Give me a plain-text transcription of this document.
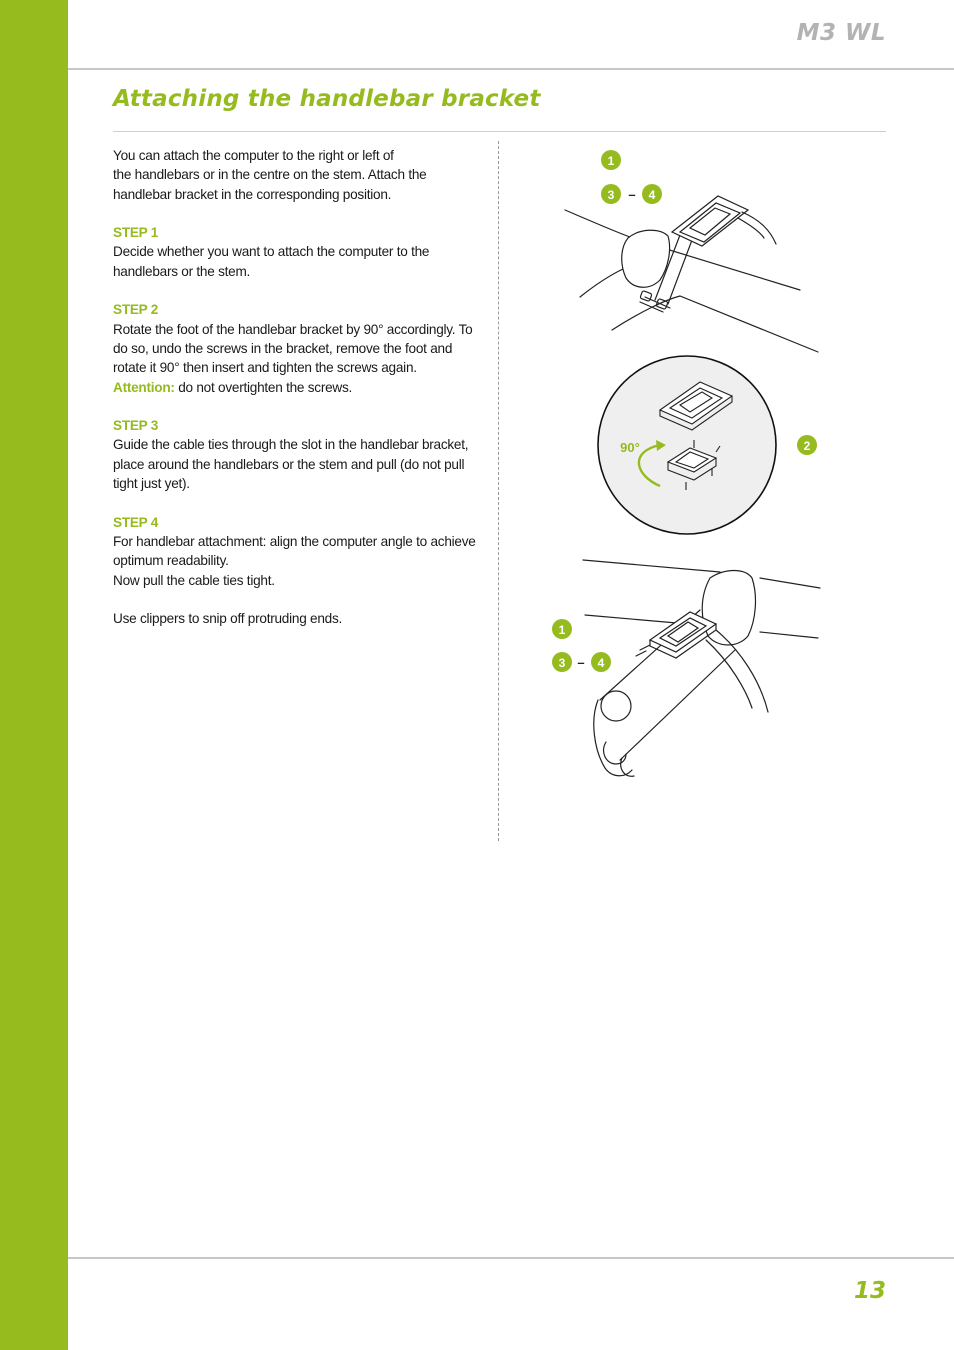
M3 WL
Attaching the handlebar bracket

You can attach the computer to the right or left of
the handlebars or in the centre on the stem. Attach the handlebar bracket in the corresponding position.

STEP 1
Decide whether you want to attach the computer to the handlebars or the stem.

STEP 2
Rotate the foot of the handlebar bracket by 90° accordingly. To do so, undo the screws in the bracket, remove the foot and rotate it 90° then insert and tighten the screws again.
Attention: do not overtighten the screws.

STEP 3
Guide the cable ties through the slot in the handlebar bracket, place around the handlebars or the stem and pull (do not pull tight just yet).

STEP 4
For handlebar attachment: align the computer angle to achieve optimum readability.
Now pull the cable ties tight.

Use clippers to snip off protruding ends.

1
3 – 4
90°	2
1
3 – 4
13
